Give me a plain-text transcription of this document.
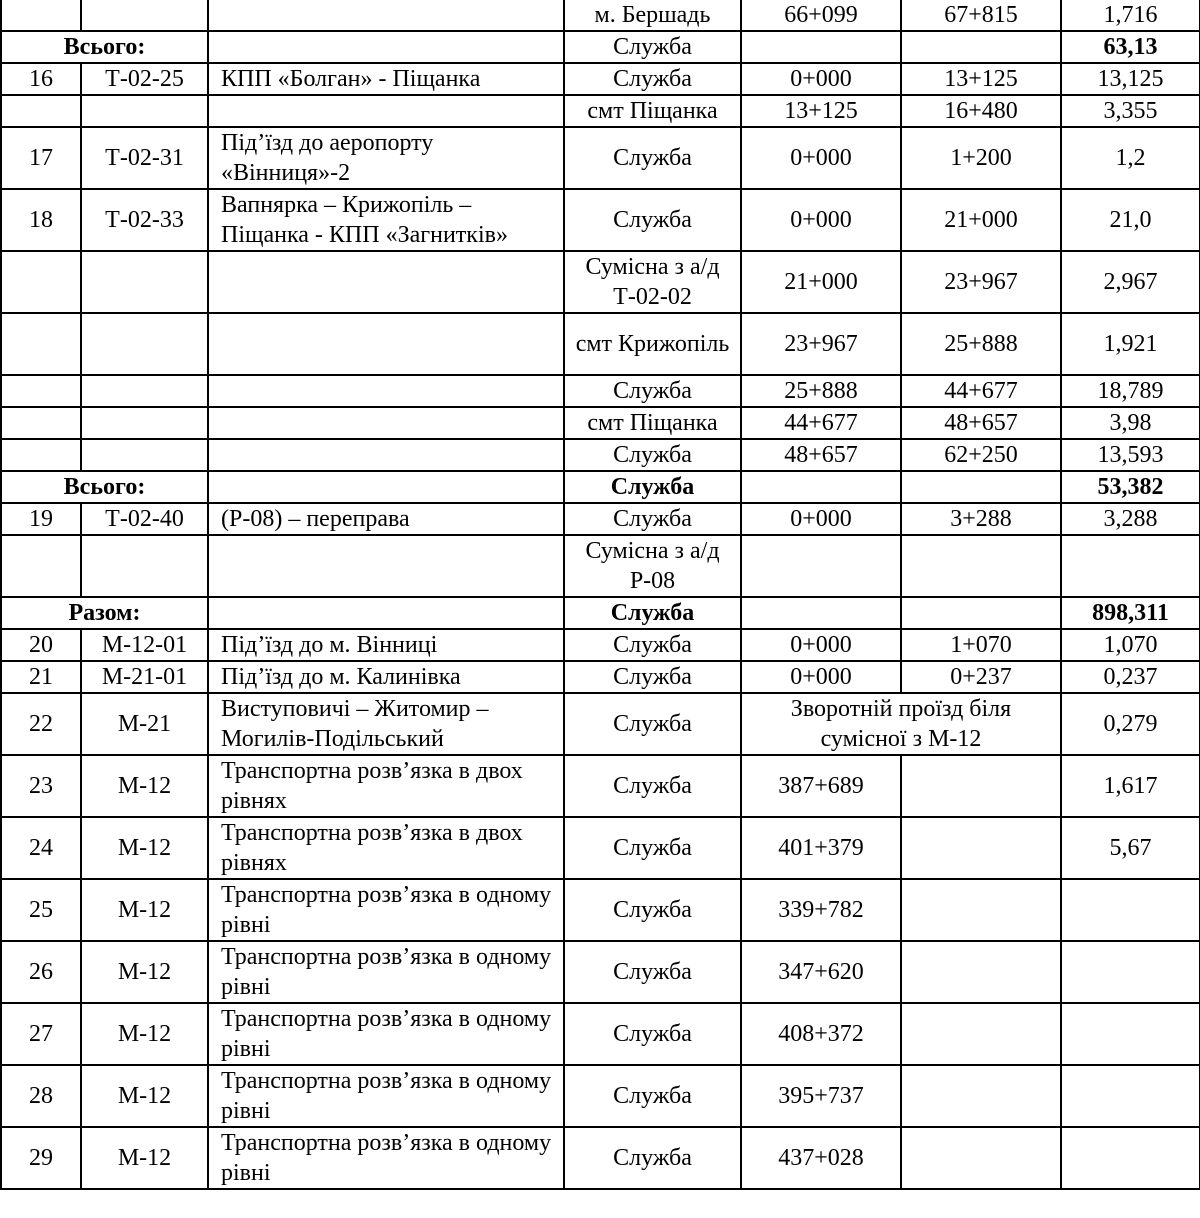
			м. Бершадь	66+099	67+815	1,716
Всього:			Служба			63,13
16	Т-02-25	КПП «Болган» - Піщанка	Служба	0+000	13+125	13,125
			смт Піщанка	13+125	16+480	3,355
17	Т-02-31	Під’їзд до аеропорту «Вінниця»-2	Служба	0+000	1+200	1,2
18	Т-02-33	Вапнярка – Крижопіль – Піщанка - КПП «Загниткiв»	Служба	0+000	21+000	21,0
			Сумісна з а/д Т-02-02	21+000	23+967	2,967
			смт Крижопіль	23+967	25+888	1,921
			Служба	25+888	44+677	18,789
			смт Піщанка	44+677	48+657	3,98
			Служба	48+657	62+250	13,593
Всього:			Служба			53,382
19	Т-02-40	(Р-08) – переправа	Служба	0+000	3+288	3,288
			Сумісна з а/д Р-08			
Разом:			Служба			898,311
20	М-12-01	Під’їзд до м. Вінниці	Служба	0+000	1+070	1,070
21	М-21-01	Під’їзд до м. Калинівка	Служба	0+000	0+237	0,237
22	М-21	Виступовичі – Житомир – Могилів-Подільський	Служба	Зворотній проїзд біля сумісної з М-12		0,279
23	М-12	Транспортна розв’язка в двох рівнях	Служба	387+689		1,617
24	М-12	Транспортна розв’язка в двох рівнях	Служба	401+379		5,67
25	М-12	Транспортна розв’язка в одному рівні	Служба	339+782		
26	М-12	Транспортна розв’язка в одному рівні	Служба	347+620		
27	М-12	Транспортна розв’язка в одному рівні	Служба	408+372		
28	М-12	Транспортна розв’язка в одному рівні	Служба	395+737		
29	М-12	Транспортна розв’язка в одному рівні	Служба	437+028		
